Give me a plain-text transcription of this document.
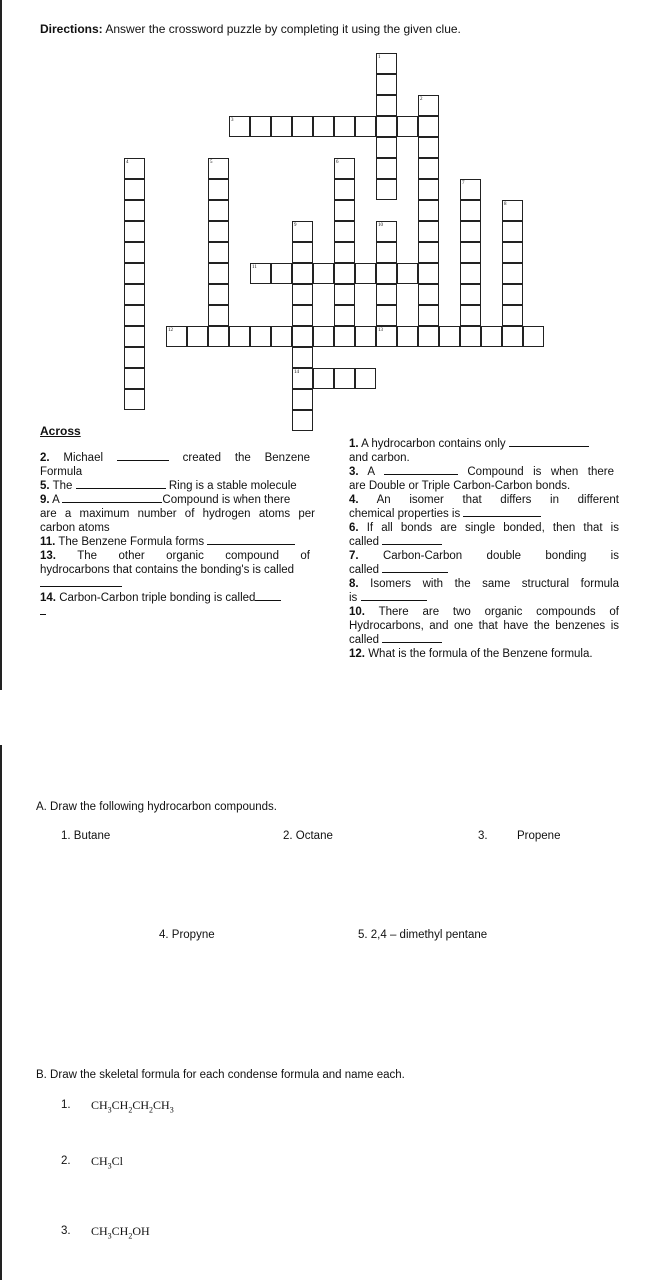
Directions: Answer the crossword puzzle by completing it using the given clue.
1
2
3
4	5	6
7
8
9	10
11
12	13
14
Across
2. Michael	created the Benzene
Formula
5. The	Ring is a stable molecule
9. A	Compound is when there
are a maximum number of hydrogen atoms per
carbon atoms
11. The Benzene Formula forms
13. The other organic compound of
hydrocarbons that contains the bonding's is called
14. Carbon-Carbon triple bonding is called
1. A hydrocarbon contains only
and carbon.
3. A	Compound is when there
are Double or Triple Carbon-Carbon bonds.
4. An isomer that differs in different
chemical properties is
6. If all bonds are single bonded, then that is
called
7. Carbon-Carbon double bonding is
called
8. Isomers with the same structural formula
is
10. There are two organic compounds of
Hydrocarbons, and one that have the benzenes is
called
12. What is the formula of the Benzene formula.
A. Draw the following hydrocarbon compounds.
1. Butane	2. Octane	3.	Propene
4. Propyne	5. 2,4 – dimethyl pentane
B. Draw the skeletal formula for each condense formula and name each.
1. $CH_3CH_2CH_2CH_3$
2. $CH_3Cl$
3. $CH_3CH_2OH$
